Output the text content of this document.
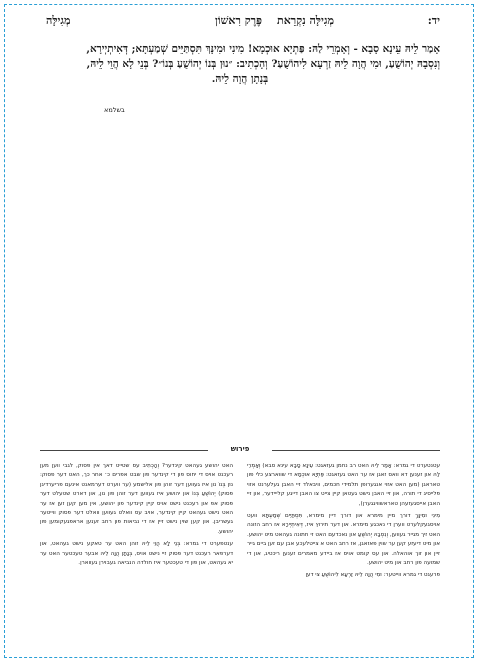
יד:
מְגִילָּה נִקְרֵאת
פֶּרֶק רִאשׁוֹן
מְגִילָּה
אָמַר לֵיהּ עֵינָא סָבָא - וְאָמְרֵי לַהּ: פַּתְיָא אוּכְמָא! מִינִי וּמִינָּךְ תִּסְתַּיֵּים שְׁמַעְתָּא; דְּאִיתְיְירָא,
וְנִסְבָהּ יְהוֹשֻׁעַ, וּמִי הֲוָה לֵיהּ זַרְעָא לִיהוֹשֻׁעַ? וְהָכְתִיב: ״נוּן בְּנוֹ יְהוֹשֻׁעַ בְּנוֹ״? בְּנֵי לָא הֲוֵי לֵיהּ,
בְּנָתָן הֲוָה לֵיהּ.
בשלמא
פירוש

עטנטערט די גמרא: אָמַר לֵיהּ האט רב נחמן געזאגט: עֵינָא סָבָא עינא סבא) וְאָמְרֵי לַהּ און זענען דא וואס זאגן אז ער האט געזאגט: פַּתְיָא אוּכְמָא די שווארצע כלי פון טאראגן (מען האט אזוי אנגערופן תלמידי חכמים, וויבאלד זיי האבן געלערנט אזוי פלייסיג די תורה, און זיי האבן נישט געטאן קיין צייט צו האבן דייגע קלייידער, און זיי האבן אייסגעזעהן טאראשוויגגערן),

מִינִי וּמִינָּךְ דורך מיין מימרא און דורך דיין מימרא, תִּסְתַּיֵּים שְׁמַעְתָּא וועט אויסגעקלערט ווערן די נאכגע מימרא. און דער תירוץ איז, דְּאִיתְיְירָא אז רחב הזונה האט זיך מגייר געווען, וְנִסְבָהּ יְהוֹשֻׁעַ און נאכדעם האט זי חתונה געהאט מיט יהושע. און מיט דיעזע קען ער שוין פאזאגן, אז רחב האט א צייטלעכע אבן עם זען ביים גייר זיין און זוך אוהאלה. און עס קומט אויס אז ביידע מאמרים זענען ריכטיג, און די שמועה פון רחב און מיט יהושע.

פרעגט די גמרא ווייטער: וּמִי הֲוָה לֵיהּ זַרְעָא לִיהוֹשֻׁעַ צי דען

האט יהושע געהאט קינדער? וְהָכְתִיב עס שטייט דאך אין פסוק, לגבי ווען מען רעכנט אויס די יחוס פון די קינדער פון שבט אפרים כ׳ אחר כך, האט דער פסוק: נוּן בְּנוֹ נון איז געווען דער זוהן פון אלישמע (ער ווערט דערמאנט אינעם פריערדיגן פסוק) יְהוֹשֻׁעַ בְּנוֹ און יהושע איז געווען דער זוהן פון נון, און דארט שטעלט דער פסוק אפ און רעכנט נישט אויס קיין קינדער פון יהושע, אין מען קען זען אז ער האט נישט געהאט קיין קינדער, אויב עס וואלט געווען וואלט דער פסוק ווייטער געשריבן. און קען שוין נישט זיין אז די נביאות פון רחב זענען אראפגעקומען פון יהושע.

ענטפערט די גמרא: בְּנֵי לָא הֲוֵי לֵיהּ זוהן האט ער טאקע נישט געהאט, און דערפאר רעכנט דער פסוק זיי נישט אויס, בְּנָתָן הֲוָה לֵיהּ אבער טעכטער האט ער יא געהאט, און פון די טעכטער איז חולדה הנביאה געבוירן געווארן.
